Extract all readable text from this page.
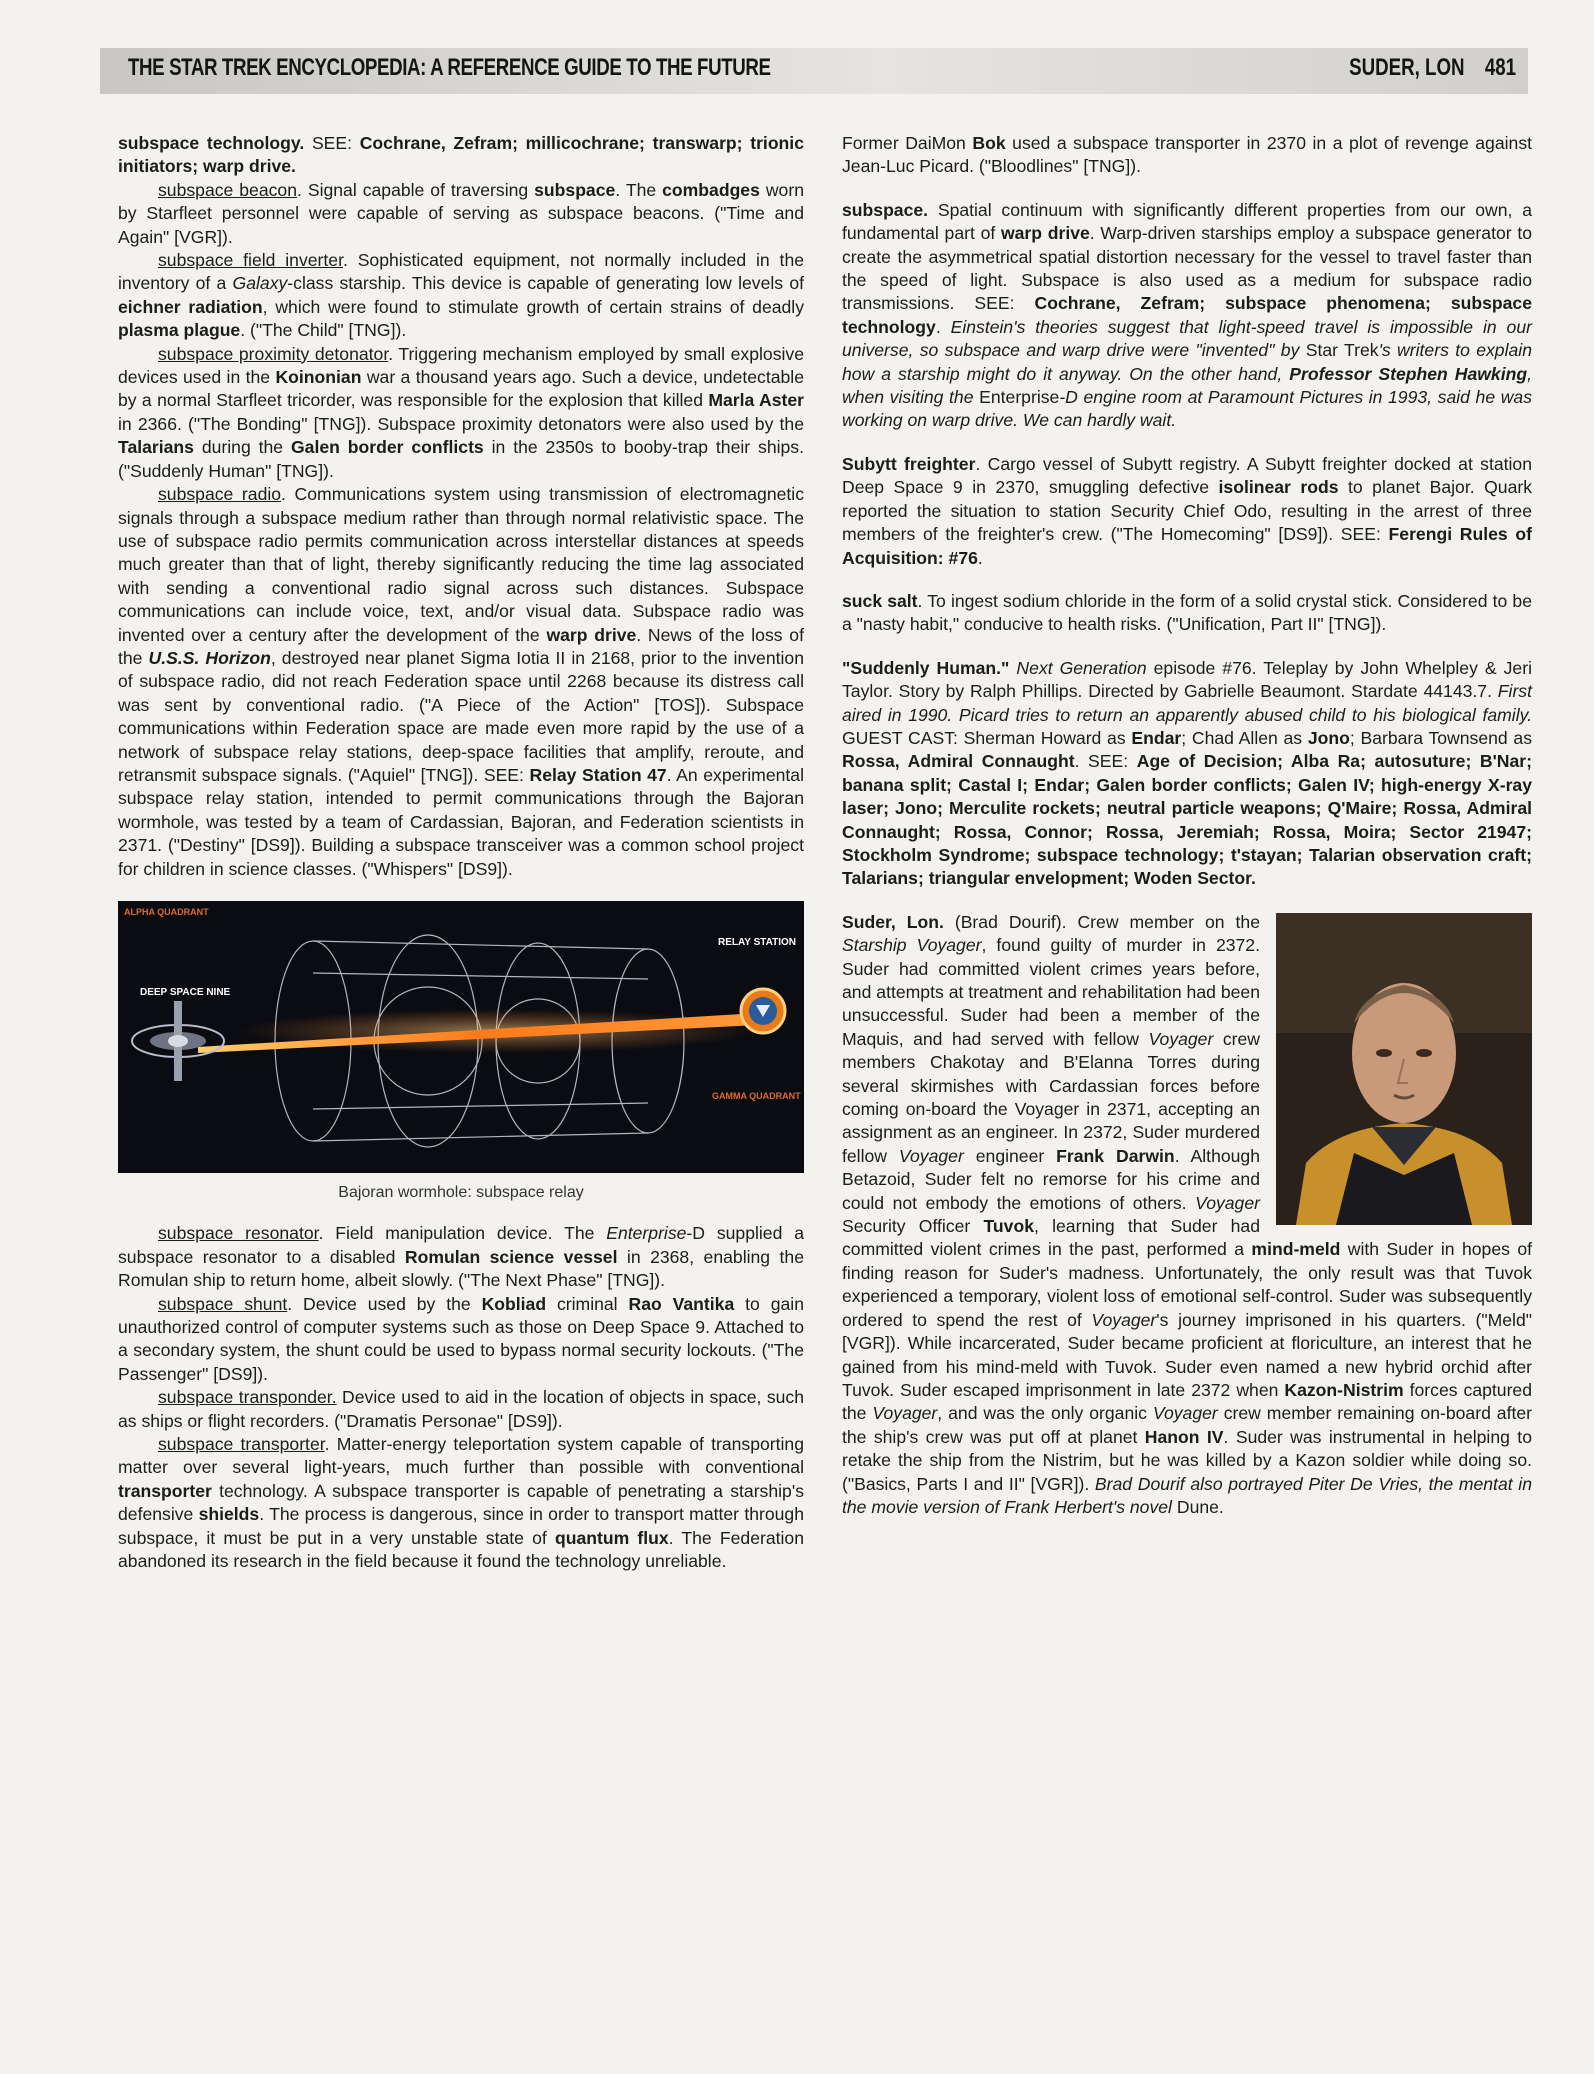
THE STAR TREK ENCYCLOPEDIA: A REFERENCE GUIDE TO THE FUTURE	SUDER, LON 481

subspace technology. SEE: Cochrane, Zefram; millicochrane; transwarp; trionic initiators; warp drive.

subspace beacon. Signal capable of traversing subspace. The combadges worn by Starfleet personnel were capable of serving as subspace beacons. ("Time and Again" [VGR]).

subspace field inverter. Sophisticated equipment, not normally included in the inventory of a Galaxy-class starship. This device is capable of generating low levels of eichner radiation, which were found to stimulate growth of certain strains of deadly plasma plague. ("The Child" [TNG]).

subspace proximity detonator. Triggering mechanism employed by small explosive devices used in the Koinonian war a thousand years ago. Such a device, undetectable by a normal Starfleet tricorder, was responsible for the explosion that killed Marla Aster in 2366. ("The Bonding" [TNG]). Subspace proximity detonators were also used by the Talarians during the Galen border conflicts in the 2350s to booby-trap their ships. ("Suddenly Human" [TNG]).

subspace radio. Communications system using transmission of electromagnetic signals through a subspace medium rather than through normal relativistic space. The use of subspace radio permits communication across interstellar distances at speeds much greater than that of light, thereby significantly reducing the time lag associated with sending a conventional radio signal across such distances. Subspace communications can include voice, text, and/or visual data. Subspace radio was invented over a century after the development of the warp drive. News of the loss of the U.S.S. Horizon, destroyed near planet Sigma Iotia II in 2168, prior to the invention of subspace radio, did not reach Federation space until 2268 because its distress call was sent by conventional radio. ("A Piece of the Action" [TOS]). Subspace communications within Federation space are made even more rapid by the use of a network of subspace relay stations, deep-space facilities that amplify, reroute, and retransmit subspace signals. ("Aquiel" [TNG]). SEE: Relay Station 47. An experimental subspace relay station, intended to permit communications through the Bajoran wormhole, was tested by a team of Cardassian, Bajoran, and Federation scientists in 2371. ("Destiny" [DS9]). Building a subspace transceiver was a common school project for children in science classes. ("Whispers" [DS9]).

ALPHA QUADRANT
RELAY STATION
DEEP SPACE NINE
GAMMA QUADRANT
Bajoran wormhole: subspace relay

subspace resonator. Field manipulation device. The Enterprise-D supplied a subspace resonator to a disabled Romulan science vessel in 2368, enabling the Romulan ship to return home, albeit slowly. ("The Next Phase" [TNG]).

subspace shunt. Device used by the Kobliad criminal Rao Vantika to gain unauthorized control of computer systems such as those on Deep Space 9. Attached to a secondary system, the shunt could be used to bypass normal security lockouts. ("The Passenger" [DS9]).

subspace transponder. Device used to aid in the location of objects in space, such as ships or flight recorders. ("Dramatis Personae" [DS9]).

subspace transporter. Matter-energy teleportation system capable of transporting matter over several light-years, much further than possible with conventional transporter technology. A subspace transporter is capable of penetrating a starship's defensive shields. The process is dangerous, since in order to transport matter through subspace, it must be put in a very unstable state of quantum flux. The Federation abandoned its research in the field because it found the technology unreliable.

Former DaiMon Bok used a subspace transporter in 2370 in a plot of revenge against Jean-Luc Picard. ("Bloodlines" [TNG]).

subspace. Spatial continuum with significantly different properties from our own, a fundamental part of warp drive. Warp-driven starships employ a subspace generator to create the asymmetrical spatial distortion necessary for the vessel to travel faster than the speed of light. Subspace is also used as a medium for subspace radio transmissions. SEE: Cochrane, Zefram; subspace phenomena; subspace technology. Einstein's theories suggest that light-speed travel is impossible in our universe, so subspace and warp drive were "invented" by Star Trek's writers to explain how a starship might do it anyway. On the other hand, Professor Stephen Hawking, when visiting the Enterprise-D engine room at Paramount Pictures in 1993, said he was working on warp drive. We can hardly wait.

Subytt freighter. Cargo vessel of Subytt registry. A Subytt freighter docked at station Deep Space 9 in 2370, smuggling defective isolinear rods to planet Bajor. Quark reported the situation to station Security Chief Odo, resulting in the arrest of three members of the freighter's crew. ("The Homecoming" [DS9]). SEE: Ferengi Rules of Acquisition: #76.

suck salt. To ingest sodium chloride in the form of a solid crystal stick. Considered to be a "nasty habit," conducive to health risks. ("Unification, Part II" [TNG]).

"Suddenly Human." Next Generation episode #76. Teleplay by John Whelpley & Jeri Taylor. Story by Ralph Phillips. Directed by Gabrielle Beaumont. Stardate 44143.7. First aired in 1990. Picard tries to return an apparently abused child to his biological family. GUEST CAST: Sherman Howard as Endar; Chad Allen as Jono; Barbara Townsend as Rossa, Admiral Connaught. SEE: Age of Decision; Alba Ra; autosuture; B'Nar; banana split; Castal I; Endar; Galen border conflicts; Galen IV; high-energy X-ray laser; Jono; Merculite rockets; neutral particle weapons; Q'Maire; Rossa, Admiral Connaught; Rossa, Connor; Rossa, Jeremiah; Rossa, Moira; Sector 21947; Stockholm Syndrome; subspace technology; t'stayan; Talarian observation craft; Talarians; triangular envelopment; Woden Sector.

Suder, Lon. (Brad Dourif). Crew member on the Starship Voyager, found guilty of murder in 2372. Suder had committed violent crimes years before, and attempts at treatment and rehabilitation had been unsuccessful. Suder had been a member of the Maquis, and had served with fellow Voyager crew members Chakotay and B'Elanna Torres during several skirmishes with Cardassian forces before coming on-board the Voyager in 2371, accepting an assignment as an engineer. In 2372, Suder murdered fellow Voyager engineer Frank Darwin. Although Betazoid, Suder felt no remorse for his crime and could not embody the emotions of others. Voyager Security Officer Tuvok, learning that Suder had committed violent crimes in the past, performed a mind-meld with Suder in hopes of finding reason for Suder's madness. Unfortunately, the only result was that Tuvok experienced a temporary, violent loss of emotional self-control. Suder was subsequently ordered to spend the rest of Voyager's journey imprisoned in his quarters. ("Meld" [VGR]). While incarcerated, Suder became proficient at floriculture, an interest that he gained from his mind-meld with Tuvok. Suder even named a new hybrid orchid after Tuvok. Suder escaped imprisonment in late 2372 when Kazon-Nistrim forces captured the Voyager, and was the only organic Voyager crew member remaining on-board after the ship's crew was put off at planet Hanon IV. Suder was instrumental in helping to retake the ship from the Nistrim, but he was killed by a Kazon soldier while doing so. ("Basics, Parts I and II" [VGR]). Brad Dourif also portrayed Piter De Vries, the mentat in the movie version of Frank Herbert's novel Dune.
